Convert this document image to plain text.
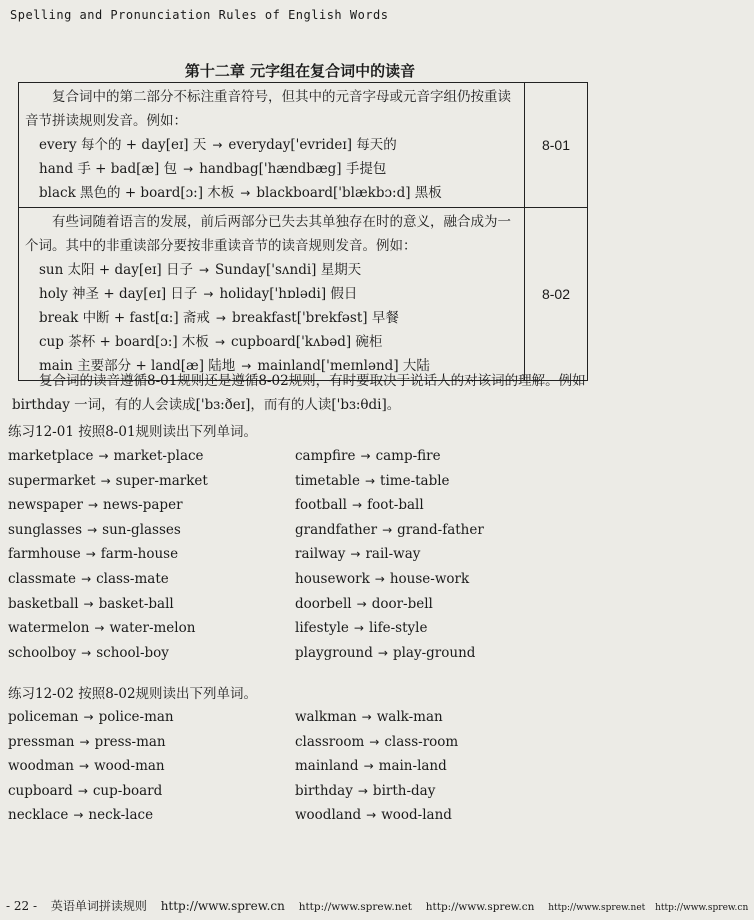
Spelling and Pronunciation Rules of English Words
第十二章 元字组在复合词中的读音
复合词中的第二部分不标注重音符号，但其中的元音字母或元音字组仍按重读音节拼读规则发音。例如：
every 每个的 + day[eɪ] 天 → everyday['evrideɪ] 每天的
hand 手 + bad[æ] 包 → handbag['hændbæg] 手提包
black 黑色的 + board[ɔ:] 木板 → blackboard['blækbɔ:d] 黑板
8-01
有些词随着语言的发展，前后两部分已失去其单独存在时的意义，融合成为一个词。其中的非重读部分要按非重读音节的读音规则发音。例如：
sun 太阳 + day[eɪ] 日子 → Sunday['sʌndi] 星期天
holy 神圣 + day[eɪ] 日子 → holiday['hɒlədi] 假日
break 中断 + fast[ɑ:] 斋戒 → breakfast['brekfəst] 早餐
cup 茶杯 + board[ɔ:] 木板 → cupboard['kʌbəd] 碗柜
main 主要部分 + land[æ] 陆地 → mainland['meɪnlənd] 大陆
8-02
复合词的读音遵循8-01规则还是遵循8-02规则，有时要取决于说话人的对该词的理解。例如 birthday 一词，有的人会读成['bɜ:ðeɪ]，而有的人读['bɜ:θdi]。
练习12-01 按照8-01规则读出下列单词。
marketplace → market-place	campfire → camp-fire
supermarket → super-market	timetable → time-table
newspaper → news-paper	football → foot-ball
sunglasses → sun-glasses	grandfather → grand-father
farmhouse → farm-house	railway → rail-way
classmate → class-mate	housework → house-work
basketball → basket-ball	doorbell → door-bell
watermelon → water-melon	lifestyle → life-style
schoolboy → school-boy	playground → play-ground
练习12-02 按照8-02规则读出下列单词。
policeman → police-man	walkman → walk-man
pressman → press-man	classroom → class-room
woodman → wood-man	mainland → main-land
cupboard → cup-board	birthday → birth-day
necklace → neck-lace	woodland → wood-land
- 22 - 英语单词拼读规则 http://www.sprew.cn http://www.sprew.net http://www.sprew.cn http://www.sprew.net http://www.sprew.cn
